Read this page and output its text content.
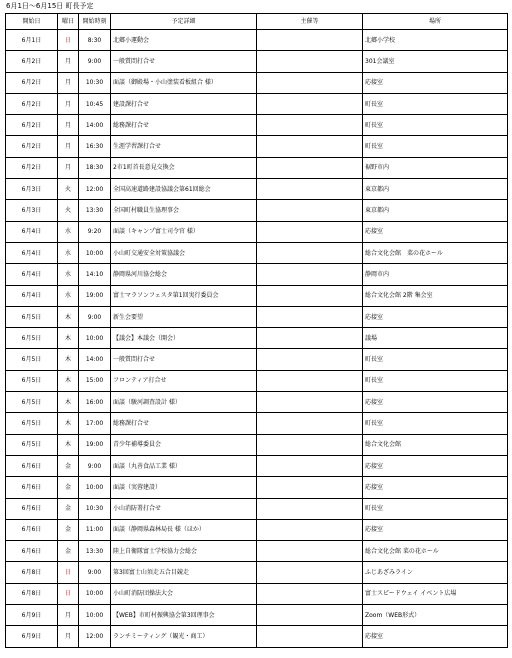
6月1日～6月15日 町長予定
開始日	曜日	開始時刻	予定詳細	主催等	場所
6月1日	日	8:30	北郷小運動会		北郷小学校
6月2日	月	9:00	一般質問打合せ		301会議室
6月2日	月	10:30	面談（御殿場・小山塗装看板組合 様）		応接室
6月2日	月	10:45	建設課打合せ		町長室
6月2日	月	14:00	総務課打合せ		町長室
6月2日	月	16:30	生涯学習課打合せ		町長室
6月2日	月	18:30	2市1町首長意見交換会		裾野市内
6月3日	火	12:00	全国高速道路建設協議会第61回総会		東京都内
6月3日	火	13:30	全国町村職員生協理事会		東京都内
6月4日	水	9:20	面談（キャンプ富士司令官 様）		応接室
6月4日	水	10:00	小山町交通安全対策協議会		総合文化会館　菜の花ホール
6月4日	水	14:10	静岡県河川協会総会		静岡市内
6月4日	水	19:00	富士マラソンフェスタ第1回実行委員会		総合文化会館 2階 集会室
6月5日	木	9:00	新生会要望		応接室
6月5日	木	10:00	【議会】本議会（開会）		議場
6月5日	木	14:00	一般質問打合せ		町長室
6月5日	木	15:00	フロンティア打合せ		町長室
6月5日	木	16:00	面談（駿河調査設計 様）		応接室
6月5日	木	17:00	総務課打合せ		町長室
6月5日	木	19:00	青少年補導委員会		総合文化会館
6月6日	金	9:00	面談（丸善食品工業 様）		応接室
6月6日	金	10:00	面談（実蓉建設）		応接室
6月6日	金	10:30	小山消防署打合せ		町長室
6月6日	金	11:00	面談（静岡県森林局長 様（ほか）		応接室
6月6日	金	13:30	陸上自衛隊富士学校協力会総会		総合文化会館 菜の花ホール
6月8日	日	9:00	第3回富士山須走五合目競走		ふじあざみライン
6月8日	日	10:00	小山町消防団操法大会		富士スピードウェイ イベント広場
6月9日	月	10:00	【WEB】市町村振興協会第3回理事会		Zoom（WEB形式）
6月9日	月	12:00	ランチミーティング（観光・商工）		応接室
